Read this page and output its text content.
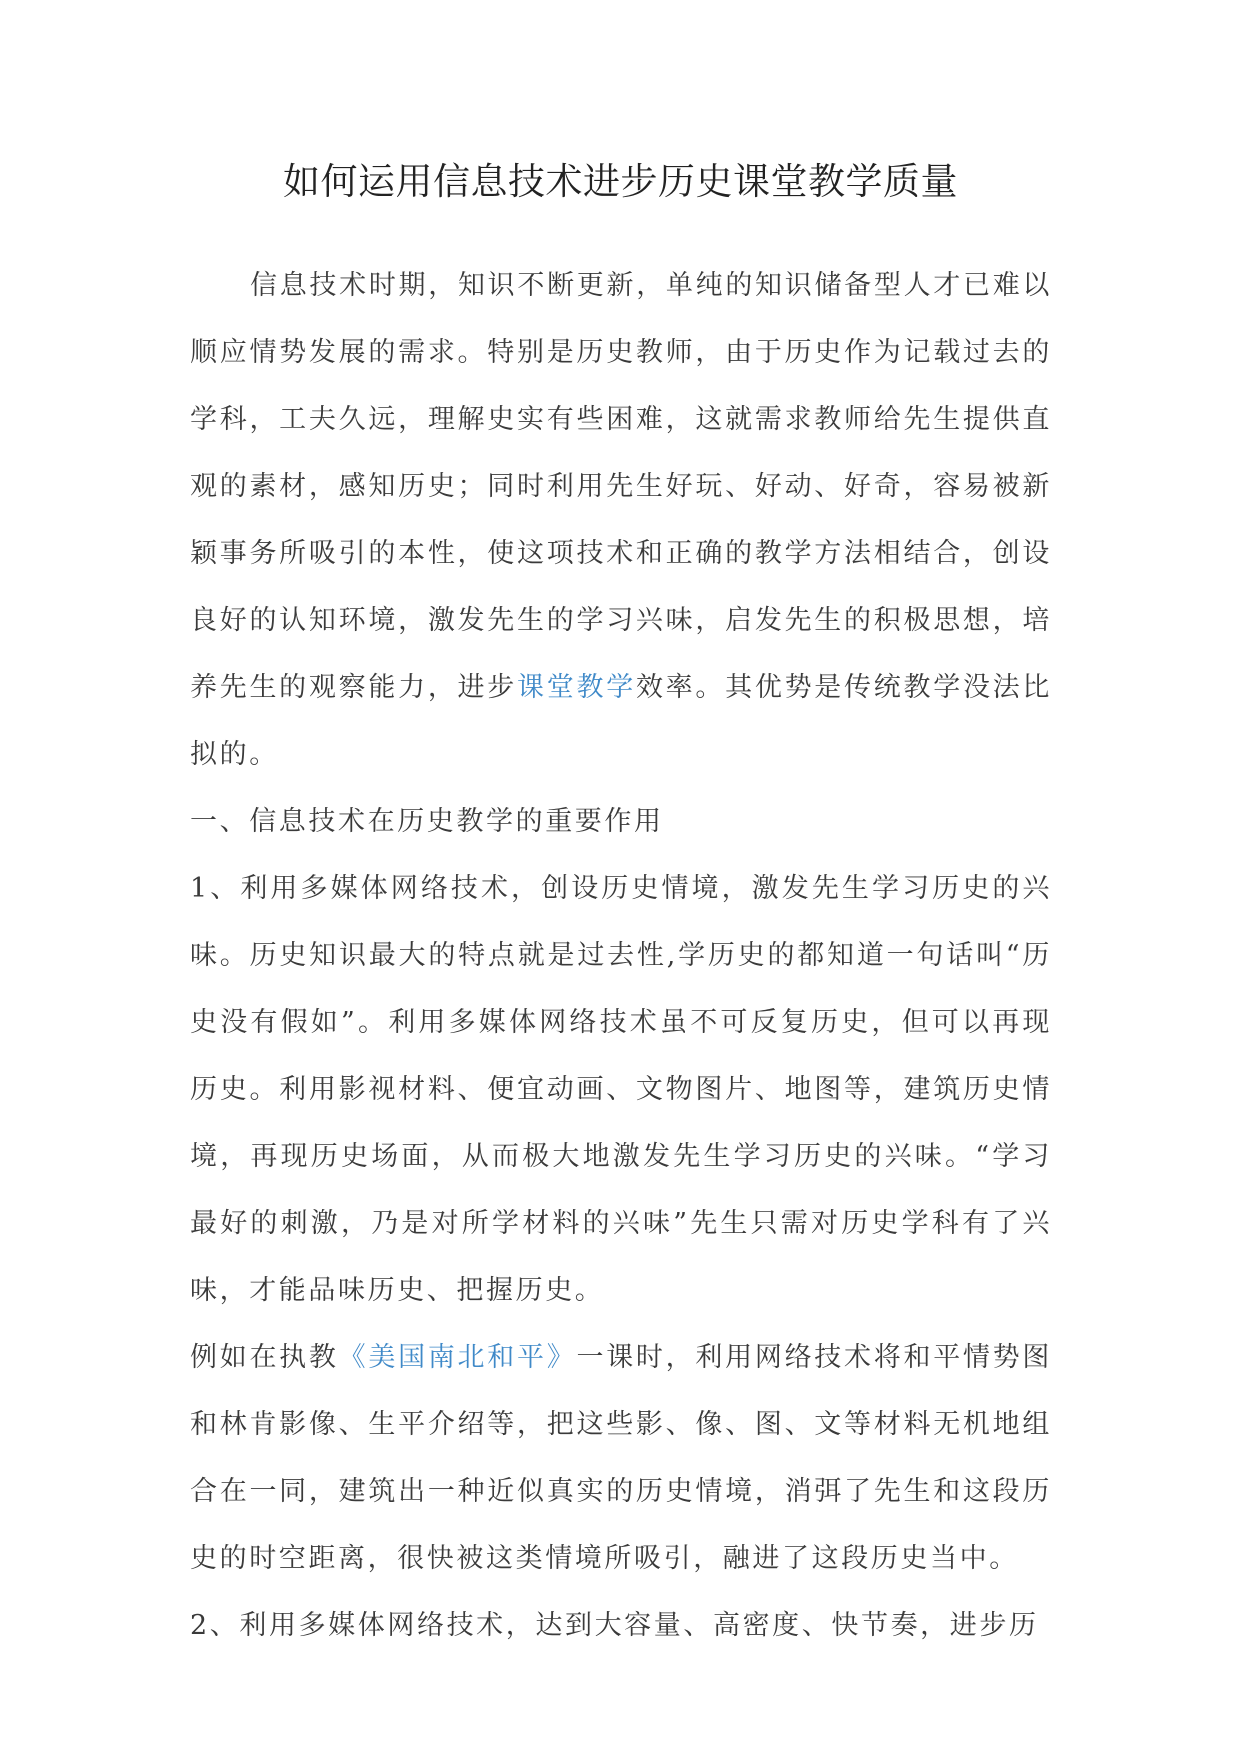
如何运用信息技术进步历史课堂教学质量

信息技术时期，知识不断更新，单纯的知识储备型人才已难以顺应情势发展的需求。特别是历史教师，由于历史作为记载过去的学科，工夫久远，理解史实有些困难，这就需求教师给先生提供直观的素材，感知历史；同时利用先生好玩、好动、好奇，容易被新颖事务所吸引的本性，使这项技术和正确的教学方法相结合，创设良好的认知环境，激发先生的学习兴味，启发先生的积极思想，培养先生的观察能力，进步课堂教学效率。其优势是传统教学没法比拟的。

一、信息技术在历史教学的重要作用

1、利用多媒体网络技术，创设历史情境，激发先生学习历史的兴味。历史知识最大的特点就是过去性,学历史的都知道一句话叫“历史没有假如”。利用多媒体网络技术虽不可反复历史，但可以再现历史。利用影视材料、便宜动画、文物图片、地图等，建筑历史情境，再现历史场面，从而极大地激发先生学习历史的兴味。“学习最好的刺激，乃是对所学材料的兴味”先生只需对历史学科有了兴味，才能品味历史、把握历史。

例如在执教《美国南北和平》一课时，利用网络技术将和平情势图和林肯影像、生平介绍等，把这些影、像、图、文等材料无机地组合在一同，建筑出一种近似真实的历史情境，消弭了先生和这段历史的时空距离，很快被这类情境所吸引，融进了这段历史当中。

2、利用多媒体网络技术，达到大容量、高密度、快节奏，进步历
